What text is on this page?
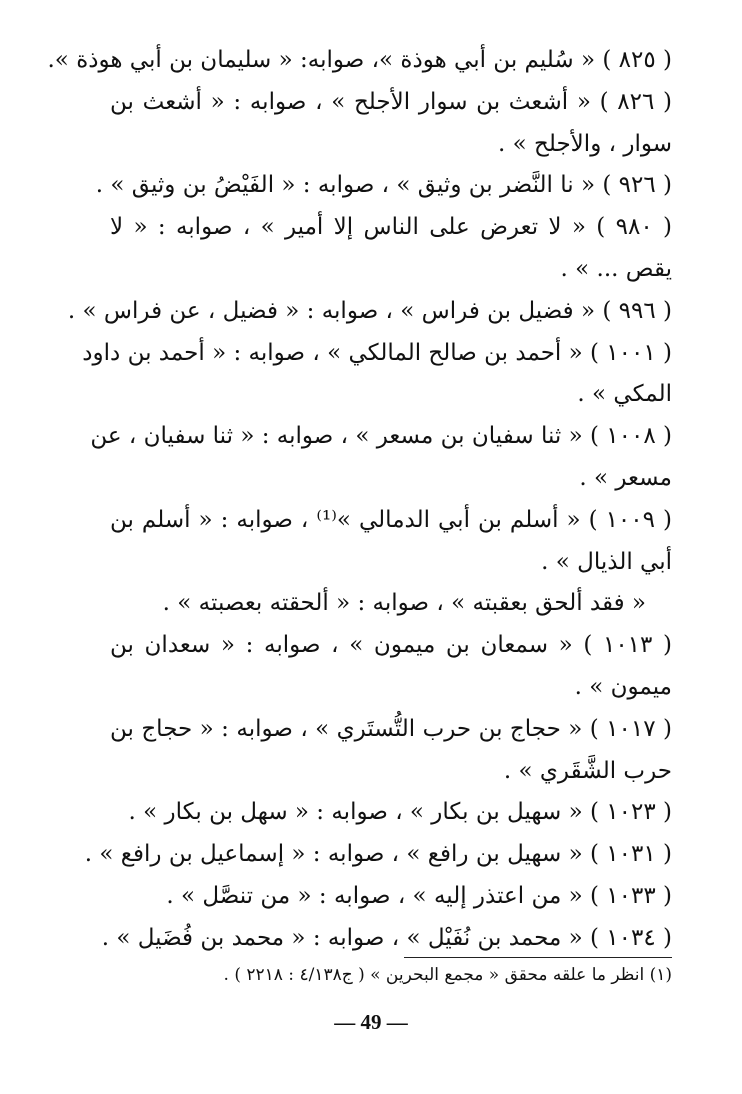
( ٨٢٥ ) « سُليم بن أبي هوذة »، صوابه: « سليمان بن أبي هوذة ».
( ٨٢٦ ) « أشعث بن سوار الأجلح » ، صوابه : « أشعث بن
سوار ، والأجلح » .
( ٩٢٦ ) « نا النَّضر بن وثيق » ، صوابه : « الفَيْضُ بن وثيق » .
( ٩٨٠ ) « لا تعرض على الناس إلا أمير » ، صوابه : « لا
يقص ... » .
( ٩٩٦ ) « فضيل بن فراس » ، صوابه : « فضيل ، عن فراس » .
( ١٠٠١ ) « أحمد بن صالح المالكي » ، صوابه : « أحمد بن داود
المكي » .
( ١٠٠٨ ) « ثنا سفيان بن مسعر » ، صوابه : « ثنا سفيان ، عن
مسعر » .
( ١٠٠٩ ) « أسلم بن أبي الدمالي »⁽¹⁾ ، صوابه : « أسلم بن
أبي الذيال » .
« فقد ألحق بعقبته » ، صوابه : « ألحقته بعصبته » .
( ١٠١٣ ) « سمعان بن ميمون » ، صوابه : « سعدان بن
ميمون » .
( ١٠١٧ ) « حجاج بن حرب التُّستَري » ، صوابه : « حجاج بن
حرب الشَّقَري » .
( ١٠٢٣ ) « سهيل بن بكار » ، صوابه : « سهل بن بكار » .
( ١٠٣١ ) « سهيل بن رافع » ، صوابه : « إسماعيل بن رافع » .
( ١٠٣٣ ) « من اعتذر إليه » ، صوابه : « من تنصَّل » .
( ١٠٣٤ ) « محمد بن نُفَيْل » ، صوابه : « محمد بن فُضَيل » .
(١) انظر ما علقه محقق « مجمع البحرين » ( ج٤/١٣٨ : ٢٢١٨ ) .
— 49 —
